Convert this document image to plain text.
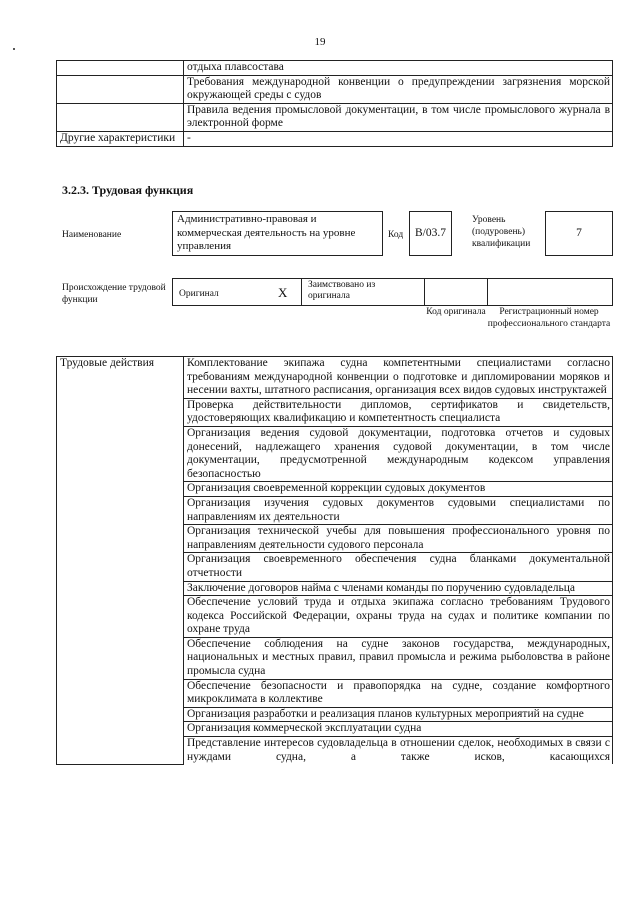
19
	отдыха плавсостава
	Требования международной конвенции о предупреждении загрязнения морской окружающей среды с судов
	Правила ведения промысловой документации, в том числе промыслового журнала в электронной форме
Другие характеристики	-
3.2.3. Трудовая функция
Наименование
Административно-правовая и коммерческая деятельность на уровне управления
Код	В/03.7
Уровень (подуровень) квалификации
7
Происхождение трудовой функции
Оригинал	X	Заимствовано из оригинала
Код оригинала	Регистрационный номер профессионального стандарта
Трудовые действия	Комплектование экипажа судна компетентными специалистами согласно требованиям международной конвенции о подготовке и дипломировании моряков и несении вахты, штатного расписания, организация всех видов судовых инструктажей
Проверка действительности дипломов, сертификатов и свидетельств, удостоверяющих квалификацию и компетентность специалиста
Организация ведения судовой документации, подготовка отчетов и судовых донесений, надлежащего хранения судовой документации, в том числе документации, предусмотренной международным кодексом управления безопасностью
Организация своевременной коррекции судовых документов
Организация изучения судовых документов судовыми специалистами по направлениям их деятельности
Организация технической учебы для повышения профессионального уровня по направлениям деятельности судового персонала
Организация своевременного обеспечения судна бланками документальной отчетности
Заключение договоров найма с членами команды по поручению судовладельца
Обеспечение условий труда и отдыха экипажа согласно требованиям Трудового кодекса Российской Федерации, охраны труда на судах и политике компании по охране труда
Обеспечение соблюдения на судне законов государства, международных, национальных и местных правил, правил промысла и режима рыболовства в районе промысла судна
Обеспечение безопасности и правопорядка на судне, создание комфортного микроклимата в коллективе
Организация разработки и реализация планов культурных мероприятий на судне
Организация коммерческой эксплуатации судна
Представление интересов судовладельца в отношении сделок, необходимых в связи с нуждами судна, а также исков, касающихся
